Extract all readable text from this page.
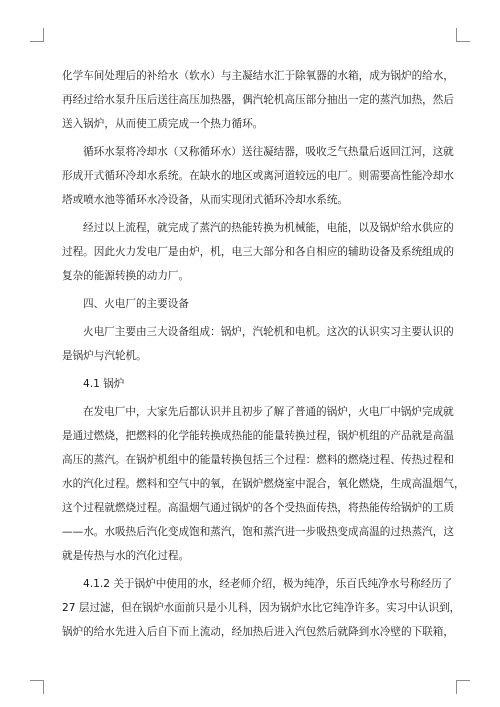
化学车间处理后的补给水（软水）与主凝结水汇于除氧器的水箱，成为锅炉的给水，
再经过给水泵升压后送往高压加热器，偶汽轮机高压部分抽出一定的蒸汽加热，然后
送入锅炉，从而使工质完成一个热力循环。
循环水泵将冷却水（又称循环水）送往凝结器，吸收乏气热量后返回江河，这就
形成开式循环冷却水系统。在缺水的地区或离河道较远的电厂。则需要高性能冷却水
塔或喷水池等循环水冷设备，从而实现闭式循环冷却水系统。
经过以上流程，就完成了蒸汽的热能转换为机械能，电能，以及锅炉给水供应的
过程。因此火力发电厂是由炉，机，电三大部分和各自相应的辅助设备及系统组成的
复杂的能源转换的动力厂。
四、火电厂的主要设备
火电厂主要由三大设备组成：锅炉，汽轮机和电机。这次的认识实习主要认识的
是锅炉与汽轮机。
4.1 锅炉
在发电厂中，大家先后都认识并且初步了解了普通的锅炉，火电厂中锅炉完成就
是通过燃烧，把燃料的化学能转换成热能的能量转换过程，锅炉机组的产品就是高温
高压的蒸汽。在锅炉机组中的能量转换包括三个过程：燃料的燃烧过程、传热过程和
水的汽化过程。燃料和空气中的氧，在锅炉燃烧室中混合，氧化燃烧，生成高温烟气，
这个过程就燃烧过程。高温烟气通过锅炉的各个受热面传热，将热能传给锅炉的工质
——水。水吸热后汽化变成饱和蒸汽，饱和蒸汽进一步吸热变成高温的过热蒸汽，这
就是传热与水的汽化过程。
4.1.2 关于锅炉中使用的水，经老师介绍，极为纯净，乐百氏纯净水号称经历了
27 层过滤，但在锅炉水面前只是小儿科，因为锅炉水比它纯净许多。实习中认识到，
锅炉的给水先进入后自下而上流动，经加热后进入汽包然后就降到水冷壁的下联箱，
